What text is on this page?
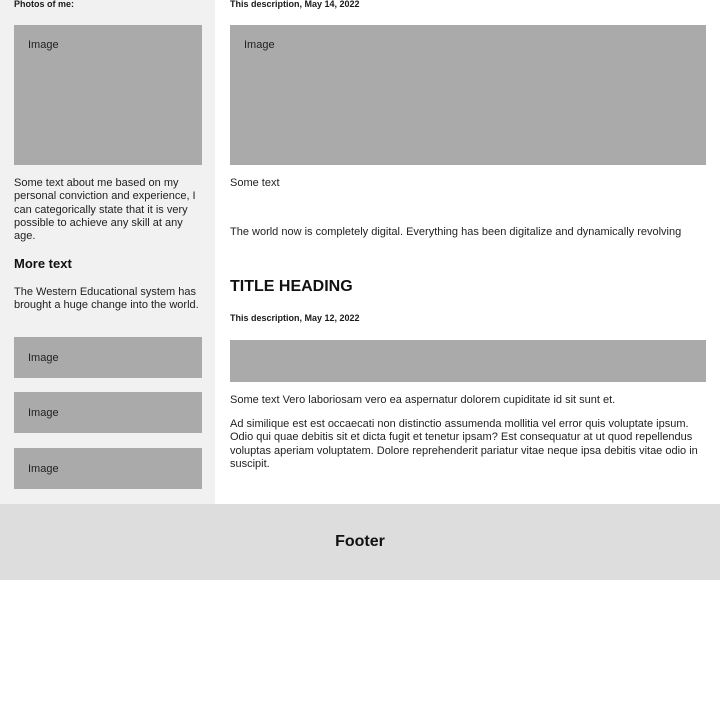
Photos of me:
Image
Some text about me based on my personal conviction and experience, I can categorically state that it is very possible to achieve any skill at any age.
More text
The Western Educational system has brought a huge change into the world.
Image
Image
Image
This description, May 14, 2022
Image
Some text
The world now is completely digital. Everything has been digitalize and dynamically revolving
TITLE HEADING
This description, May 12, 2022
Some text Vero laboriosam vero ea aspernatur dolorem cupiditate id sit sunt et.
Ad similique est est occaecati non distinctio assumenda mollitia vel error quis voluptate ipsum. Odio qui quae debitis sit et dicta fugit et tenetur ipsam? Est consequatur at ut quod repellendus voluptas aperiam voluptatem. Dolore reprehenderit pariatur vitae neque ipsa debitis vitae odio in suscipit.
Footer
